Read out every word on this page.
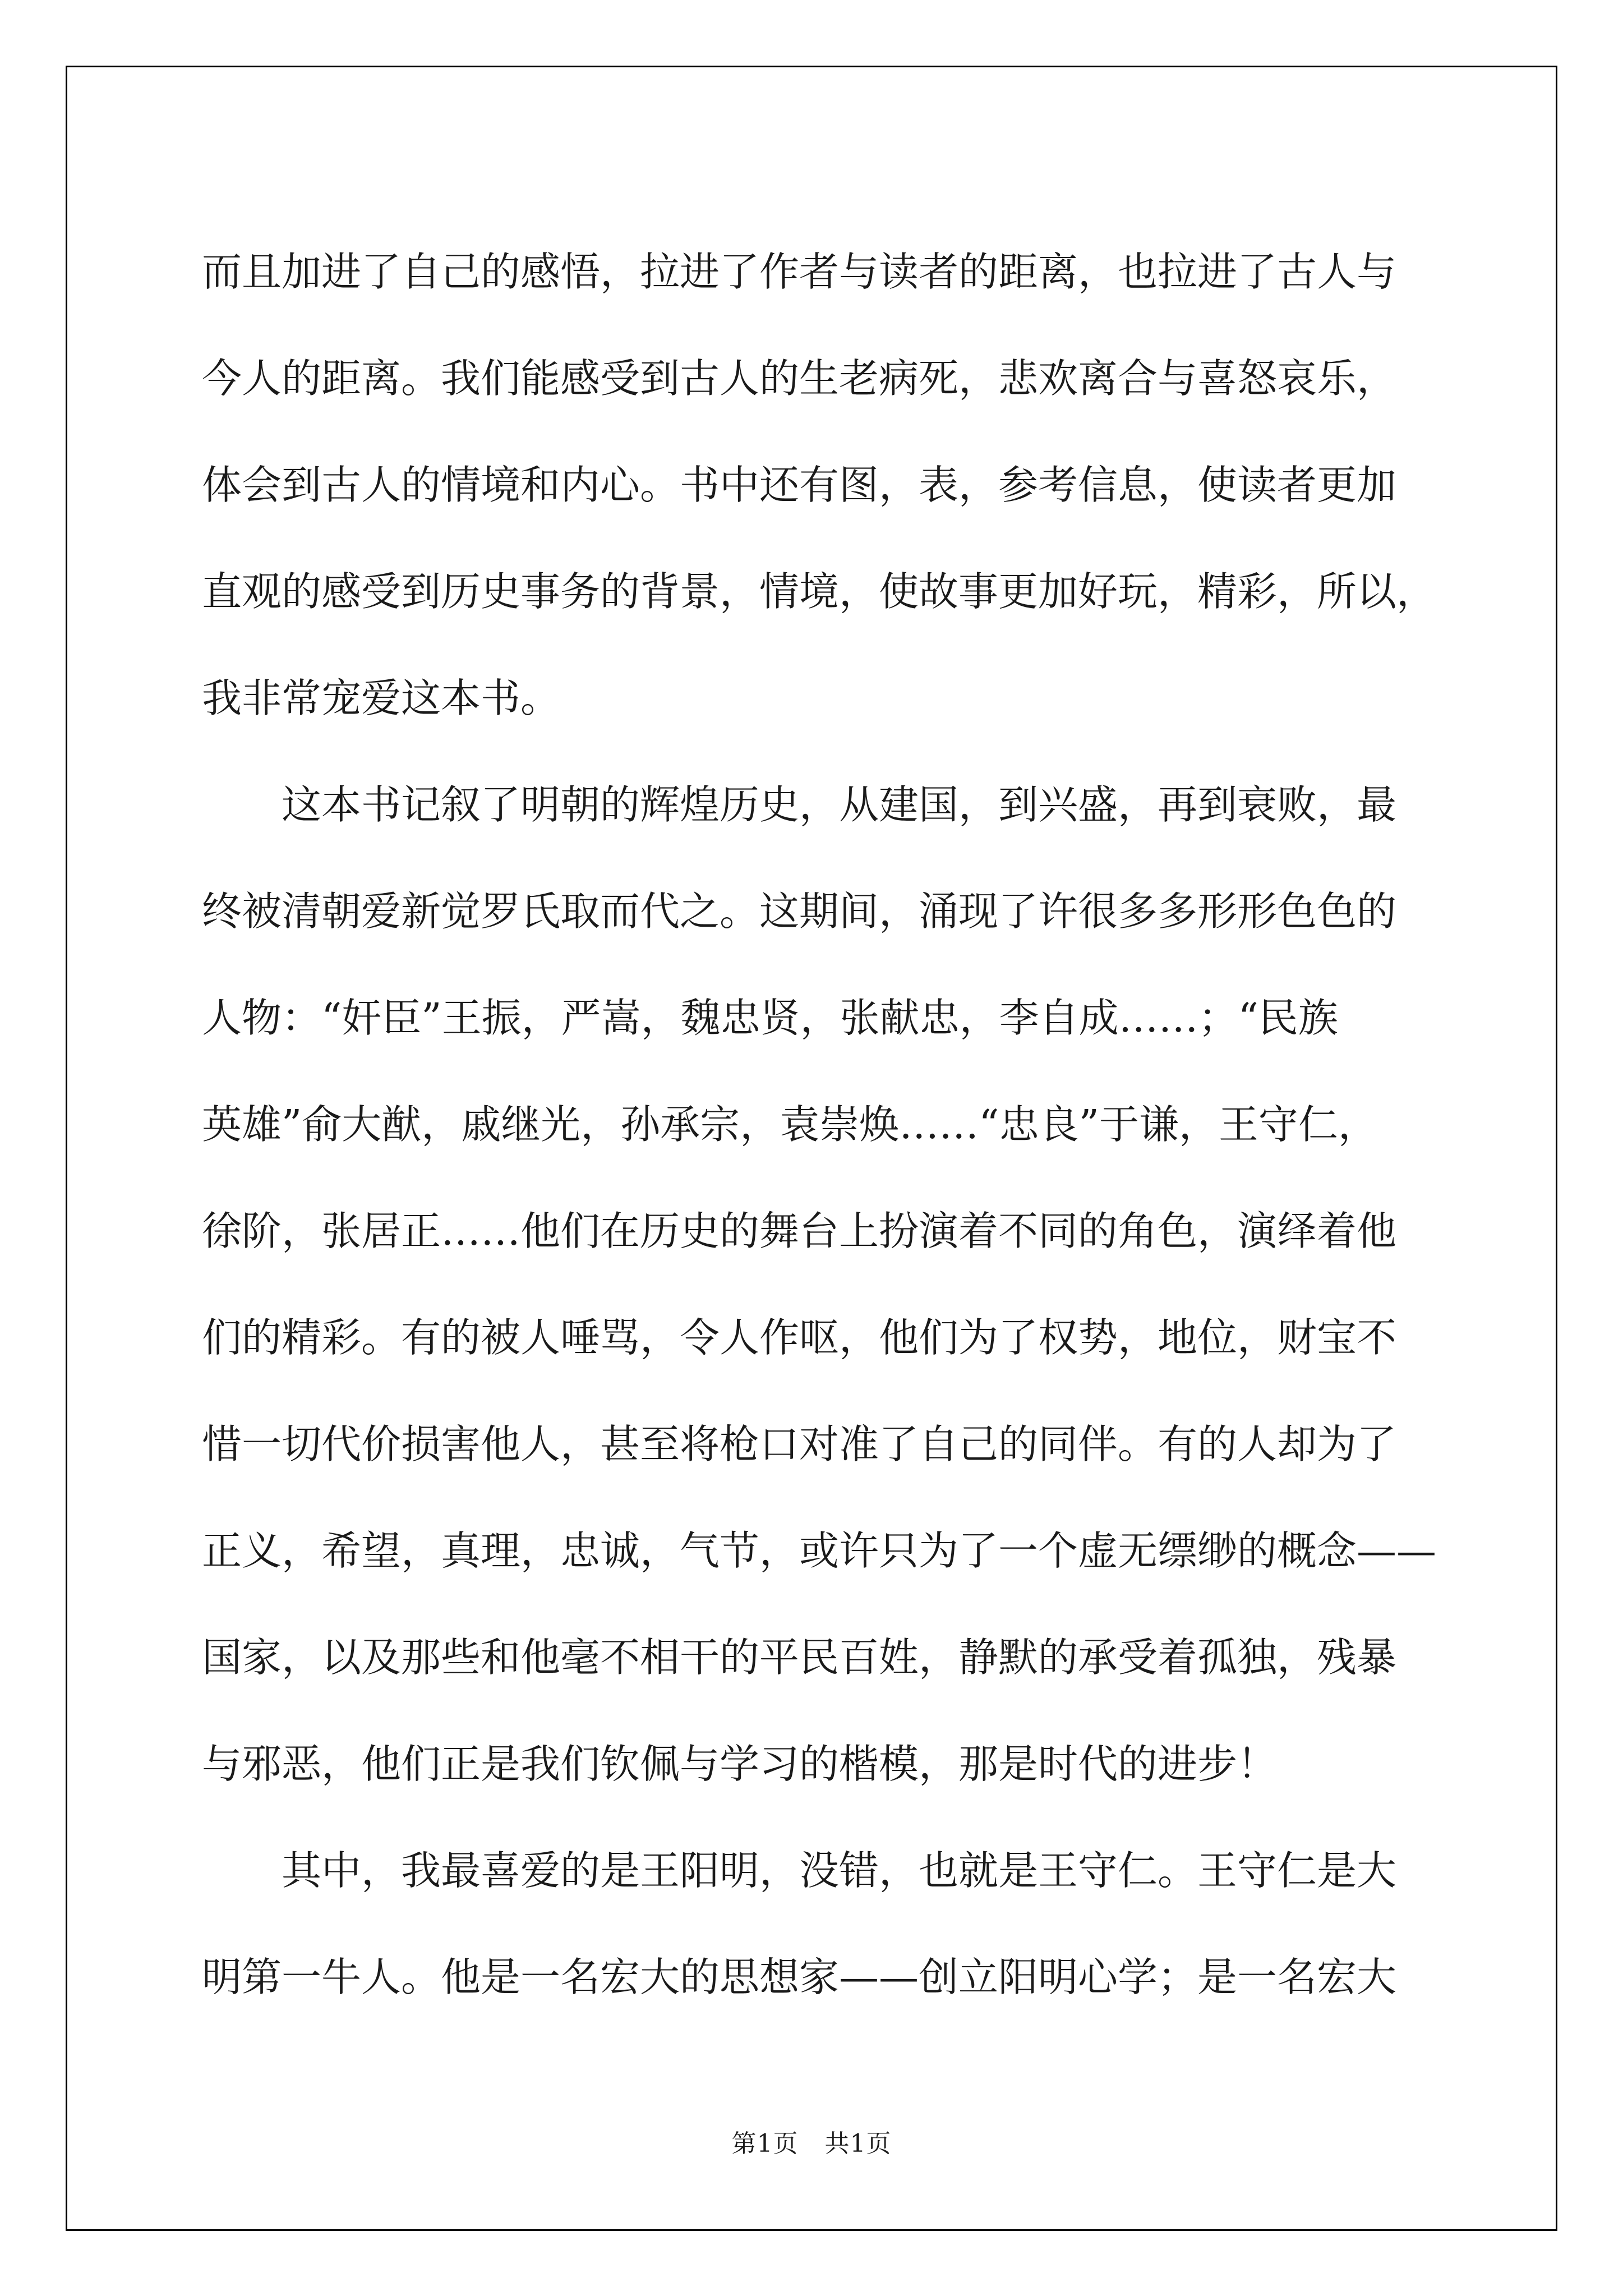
而且加进了自己的感悟，拉进了作者与读者的距离，也拉进了古人与
今人的距离。我们能感受到古人的生老病死，悲欢离合与喜怒哀乐，
体会到古人的情境和内心。书中还有图，表，参考信息，使读者更加
直观的感受到历史事务的背景，情境，使故事更加好玩，精彩，所以，
我非常宠爱这本书。
这本书记叙了明朝的辉煌历史，从建国，到兴盛，再到衰败，最
终被清朝爱新觉罗氏取而代之。这期间，涌现了许很多多形形色色的
人物：“奸臣”王振，严嵩，魏忠贤，张献忠，李自成……；“民族
英雄”俞大猷，戚继光，孙承宗，袁崇焕……“忠良”于谦，王守仁，
徐阶，张居正……他们在历史的舞台上扮演着不同的角色，演绎着他
们的精彩。有的被人唾骂，令人作呕，他们为了权势，地位，财宝不
惜一切代价损害他人，甚至将枪口对准了自己的同伴。有的人却为了
正义，希望，真理，忠诚，气节，或许只为了一个虚无缥缈的概念——
国家，以及那些和他毫不相干的平民百姓，静默的承受着孤独，残暴
与邪恶，他们正是我们钦佩与学习的楷模，那是时代的进步！
其中，我最喜爱的是王阳明，没错，也就是王守仁。王守仁是大
明第一牛人。他是一名宏大的思想家——创立阳明心学；是一名宏大
第1页 共1页
